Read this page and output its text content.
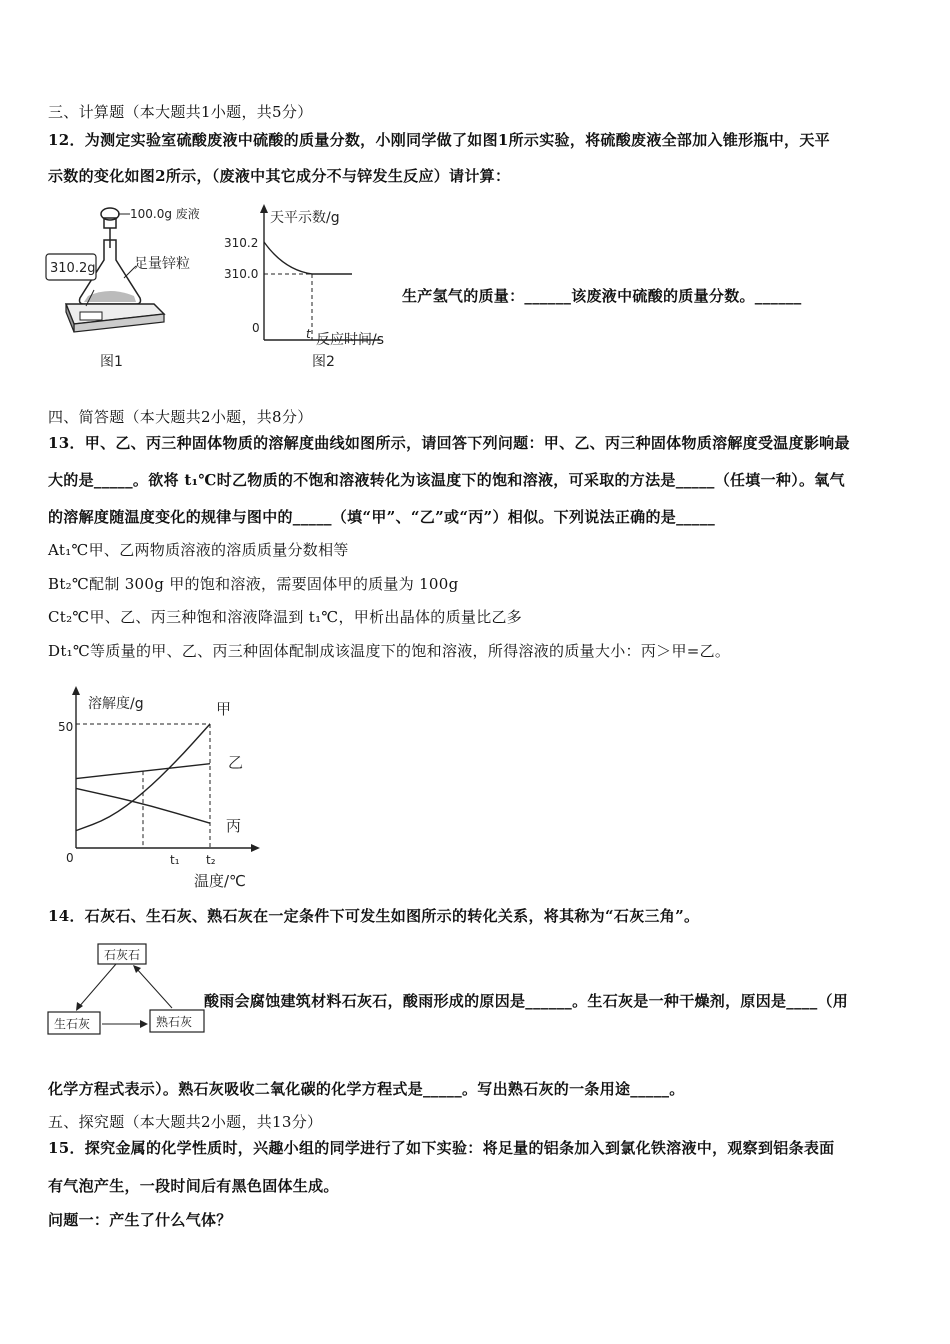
三、计算题（本大题共1小题，共5分）
12．为测定实验室硫酸废液中硫酸的质量分数，小刚同学做了如图1所示实验，将硫酸废液全部加入锥形瓶中，天平
示数的变化如图2所示，（废液中其它成分不与锌发生反应）请计算：
100.0g 废液
足量锌粒
310.2g
图1
天平示数/g
310.2
310.0
0	t 反应时间/s
图2
生产氢气的质量：______该废液中硫酸的质量分数。______
四、简答题（本大题共2小题，共8分）
13．甲、乙、丙三种固体物质的溶解度曲线如图所示，请回答下列问题：甲、乙、丙三种固体物质溶解度受温度影响最
大的是_____。欲将 t₁℃时乙物质的不饱和溶液转化为该温度下的饱和溶液，可采取的方法是_____（任填一种）。氧气
的溶解度随温度变化的规律与图中的_____（填“甲”、“乙”或“丙”）相似。下列说法正确的是_____
At₁℃甲、乙两物质溶液的溶质质量分数相等
Bt₂℃配制 300g 甲的饱和溶液，需要固体甲的质量为 100g
Ct₂℃甲、乙、丙三种饱和溶液降温到 t₁℃，甲析出晶体的质量比乙多
Dt₁℃等质量的甲、乙、丙三种固体配制成该温度下的饱和溶液，所得溶液的质量大小：丙＞甲=乙。
溶解度/g
温度/℃
0	t₁ t₂
50
甲
乙
丙
14．石灰石、生石灰、熟石灰在一定条件下可发生如图所示的转化关系，将其称为“石灰三角”。
石灰石
生石灰	熟石灰
酸雨会腐蚀建筑材料石灰石，酸雨形成的原因是______。生石灰是一种干燥剂，原因是____（用
化学方程式表示）。熟石灰吸收二氧化碳的化学方程式是_____。写出熟石灰的一条用途_____。
五、探究题（本大题共2小题，共13分）
15．探究金属的化学性质时，兴趣小组的同学进行了如下实验：将足量的铝条加入到氯化铁溶液中，观察到铝条表面
有气泡产生，一段时间后有黑色固体生成。
问题一：产生了什么气体？
